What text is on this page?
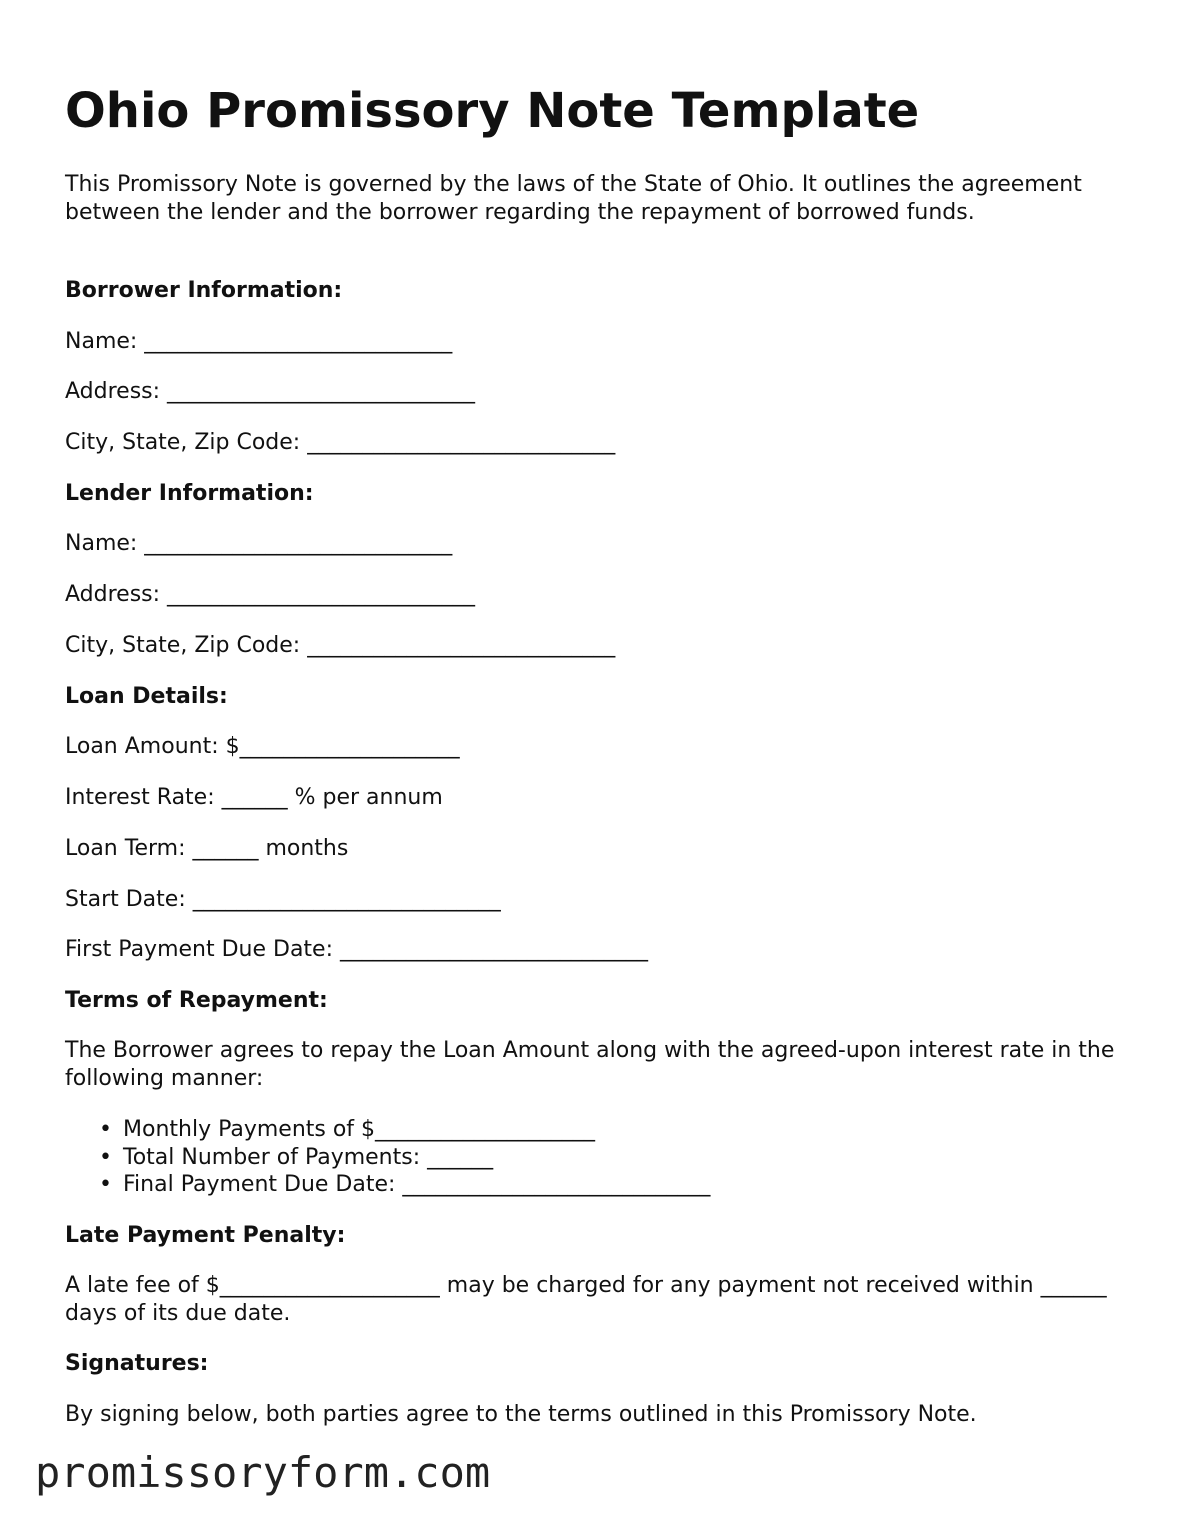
Ohio Promissory Note Template

This Promissory Note is governed by the laws of the State of Ohio. It outlines the agreement between the lender and the borrower regarding the repayment of borrowed funds.

Borrower Information:

Name: ____________________________

Address: ____________________________

City, State, Zip Code: ____________________________

Lender Information:

Name: ____________________________

Address: ____________________________

City, State, Zip Code: ____________________________

Loan Details:

Loan Amount: $____________________

Interest Rate: ______ % per annum

Loan Term: ______ months

Start Date: ____________________________

First Payment Due Date: ____________________________

Terms of Repayment:

The Borrower agrees to repay the Loan Amount along with the agreed-upon interest rate in the following manner:

• Monthly Payments of $____________________
• Total Number of Payments: ______
• Final Payment Due Date: ____________________________

Late Payment Penalty:

A late fee of $____________________ may be charged for any payment not received within ______ days of its due date.

Signatures:

By signing below, both parties agree to the terms outlined in this Promissory Note.

promissoryform.com
